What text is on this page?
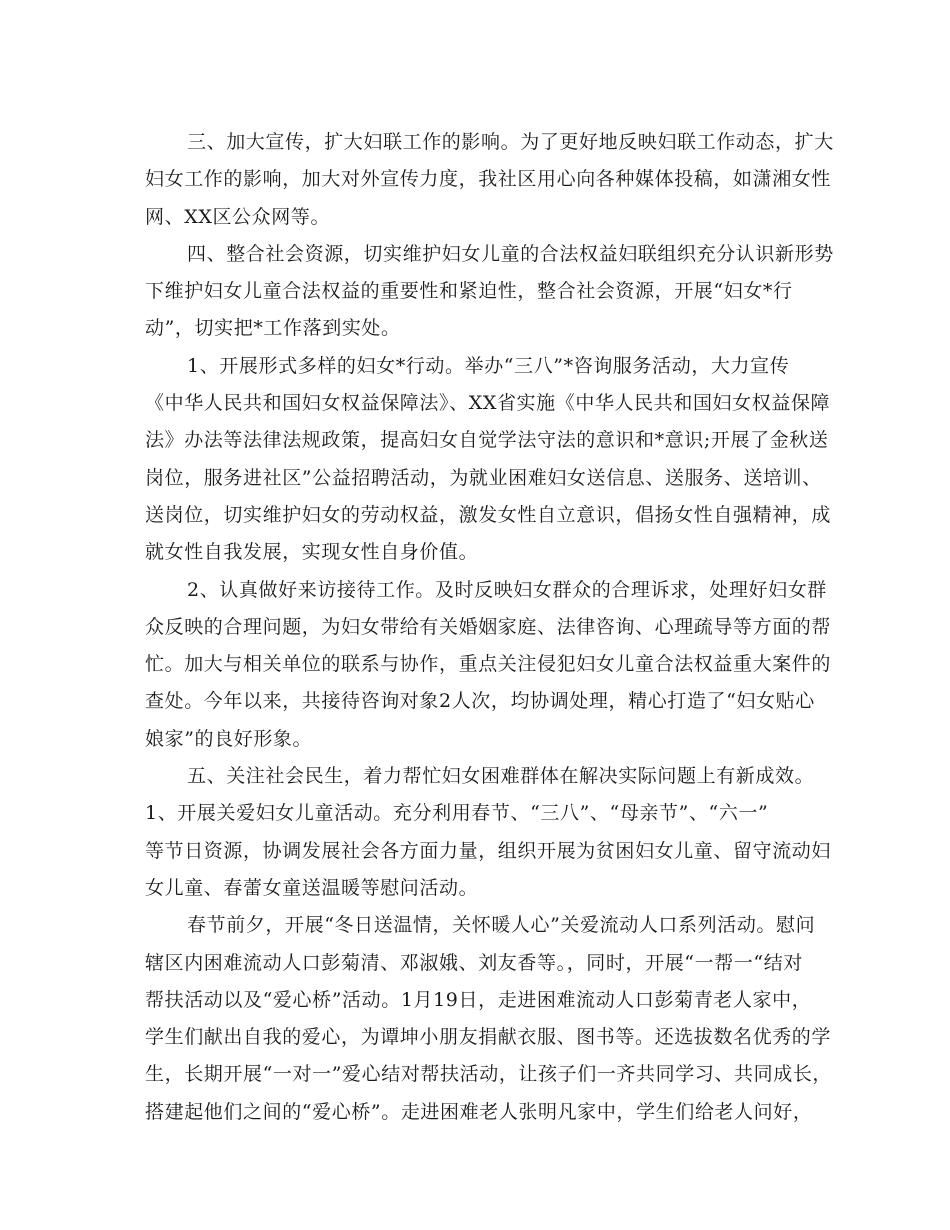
三、加大宣传，扩大妇联工作的影响。为了更好地反映妇联工作动态，扩大
妇女工作的影响，加大对外宣传力度，我社区用心向各种媒体投稿，如潇湘女性
网、XX区公众网等。
四、整合社会资源，切实维护妇女儿童的合法权益妇联组织充分认识新形势
下维护妇女儿童合法权益的重要性和紧迫性，整合社会资源，开展“妇女*行
动”，切实把*工作落到实处。
1、开展形式多样的妇女*行动。举办“三八”*咨询服务活动，大力宣传
《中华人民共和国妇女权益保障法》、XX省实施《中华人民共和国妇女权益保障
法》办法等法律法规政策，提高妇女自觉学法守法的意识和*意识;开展了金秋送
岗位，服务进社区”公益招聘活动，为就业困难妇女送信息、送服务、送培训、
送岗位，切实维护妇女的劳动权益，激发女性自立意识，倡扬女性自强精神，成
就女性自我发展，实现女性自身价值。
2、认真做好来访接待工作。及时反映妇女群众的合理诉求，处理好妇女群
众反映的合理问题，为妇女带给有关婚姻家庭、法律咨询、心理疏导等方面的帮
忙。加大与相关单位的联系与协作，重点关注侵犯妇女儿童合法权益重大案件的
查处。今年以来，共接待咨询对象2人次，均协调处理，精心打造了“妇女贴心
娘家”的良好形象。
五、关注社会民生，着力帮忙妇女困难群体在解决实际问题上有新成效。
1、开展关爱妇女儿童活动。充分利用春节、“三八”、“母亲节”、“六一”
等节日资源，协调发展社会各方面力量，组织开展为贫困妇女儿童、留守流动妇
女儿童、春蕾女童送温暖等慰问活动。
春节前夕，开展“冬日送温情，关怀暖人心”关爱流动人口系列活动。慰问
辖区内困难流动人口彭菊清、邓淑娥、刘友香等。，同时，开展“一帮一“结对
帮扶活动以及“爱心桥”活动。1月19日，走进困难流动人口彭菊青老人家中，
学生们献出自我的爱心，为谭坤小朋友捐献衣服、图书等。还选拔数名优秀的学
生，长期开展“一对一”爱心结对帮扶活动，让孩子们一齐共同学习、共同成长，
搭建起他们之间的“爱心桥”。走进困难老人张明凡家中，学生们给老人问好，
